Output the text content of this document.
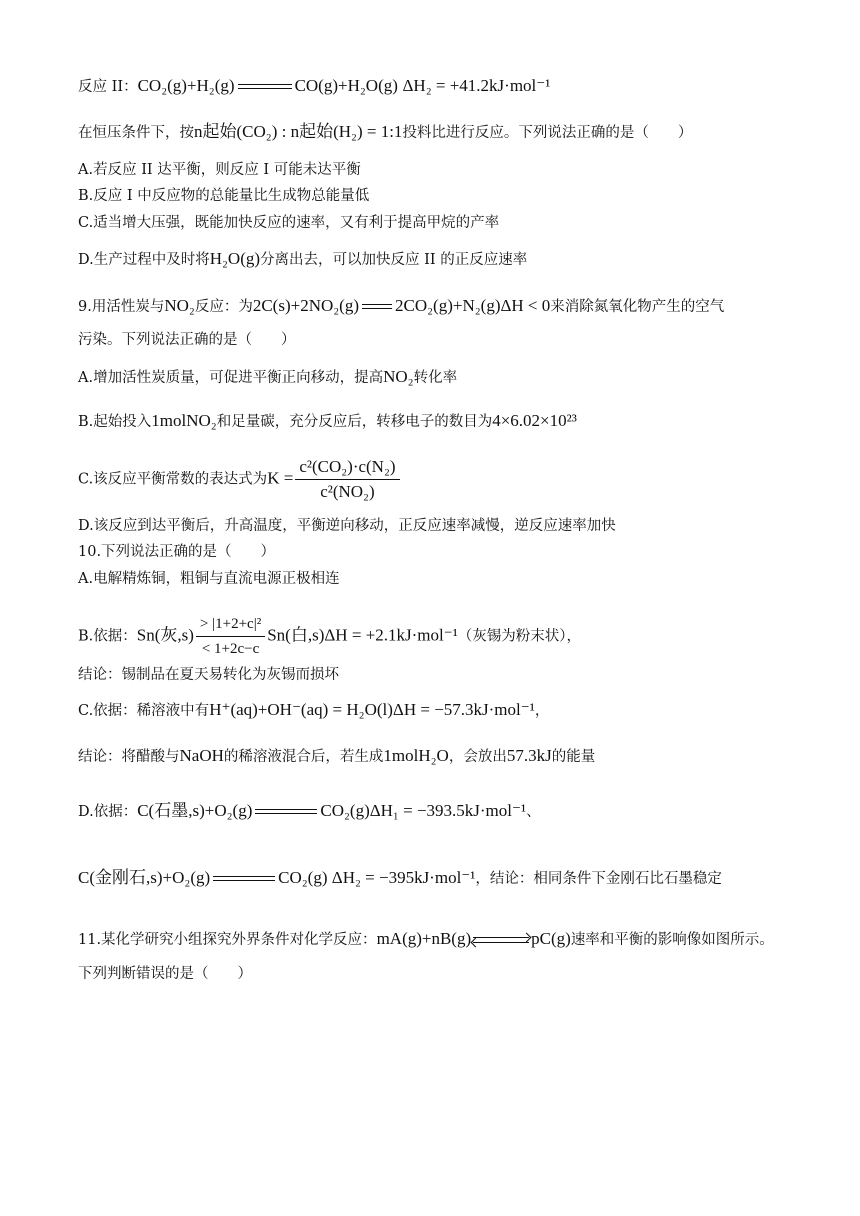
反应 II：CO₂(g)+H₂(g)	CO(g)+H₂O(g) ΔH₂ = +41.2kJ·mol⁻¹
在恒压条件下，按n起始(CO₂) : n起始(H₂) = 1:1投料比进行反应。下列说法正确的是（　　）
A.若反应 II 达平衡，则反应 I 可能未达平衡
B.反应 I 中反应物的总能量比生成物总能量低
C.适当增大压强，既能加快反应的速率，又有利于提高甲烷的产率
D.生产过程中及时将H₂O(g)分离出去，可以加快反应 II 的正反应速率
9.用活性炭与NO₂反应：为2C(s)+2NO₂(g) 2CO₂(g)+N₂(g)ΔH < 0来消除氮氧化物产生的空气
污染。下列说法正确的是（　　）
A.增加活性炭质量，可促进平衡正向移动，提高NO₂转化率
B.起始投入1molNO₂和足量碳，充分反应后，转移电子的数目为4×6.02×10²³
C.该反应平衡常数的表达式为$K = \frac{\text{c²(CO₂)·c(N₂)}}{\text{c²(NO₂)}}$
D.该反应到达平衡后，升高温度，平衡逆向移动，正反应速率减慢，逆反应速率加快
10.下列说法正确的是（　　）
A.电解精炼铜，粗铜与直流电源正极相连
B.依据：Sn(灰$,s) \frac{\text{> |1+2+c|²}}{< 1+2c-c} Sn$(白,s)ΔH = +2.1kJ·mol⁻¹（灰锡为粉末状），
结论：锡制品在夏天易转化为灰锡而损坏
C.依据：稀溶液中有H⁺(aq)+OH⁻(aq) = H₂O(l)ΔH = −57.3kJ·mol⁻¹，
结论：将醋酸与NaOH的稀溶液混合后，若生成1molH₂O，会放出57.3kJ的能量
D.依据：C(石墨,s)+O₂(g)	CO₂(g)ΔH₁ = −393.5kJ·mol⁻¹、
C(金刚石,s)+O₂(g)	CO₂(g) ΔH₂ = −395kJ·mol⁻¹，结论：相同条件下金刚石比石墨稳定
11.某化学研究小组探究外界条件对化学反应：mA(g)+nB(g)	pC(g)速率和平衡的影响像如图所示。
下列判断错误的是（　　）
